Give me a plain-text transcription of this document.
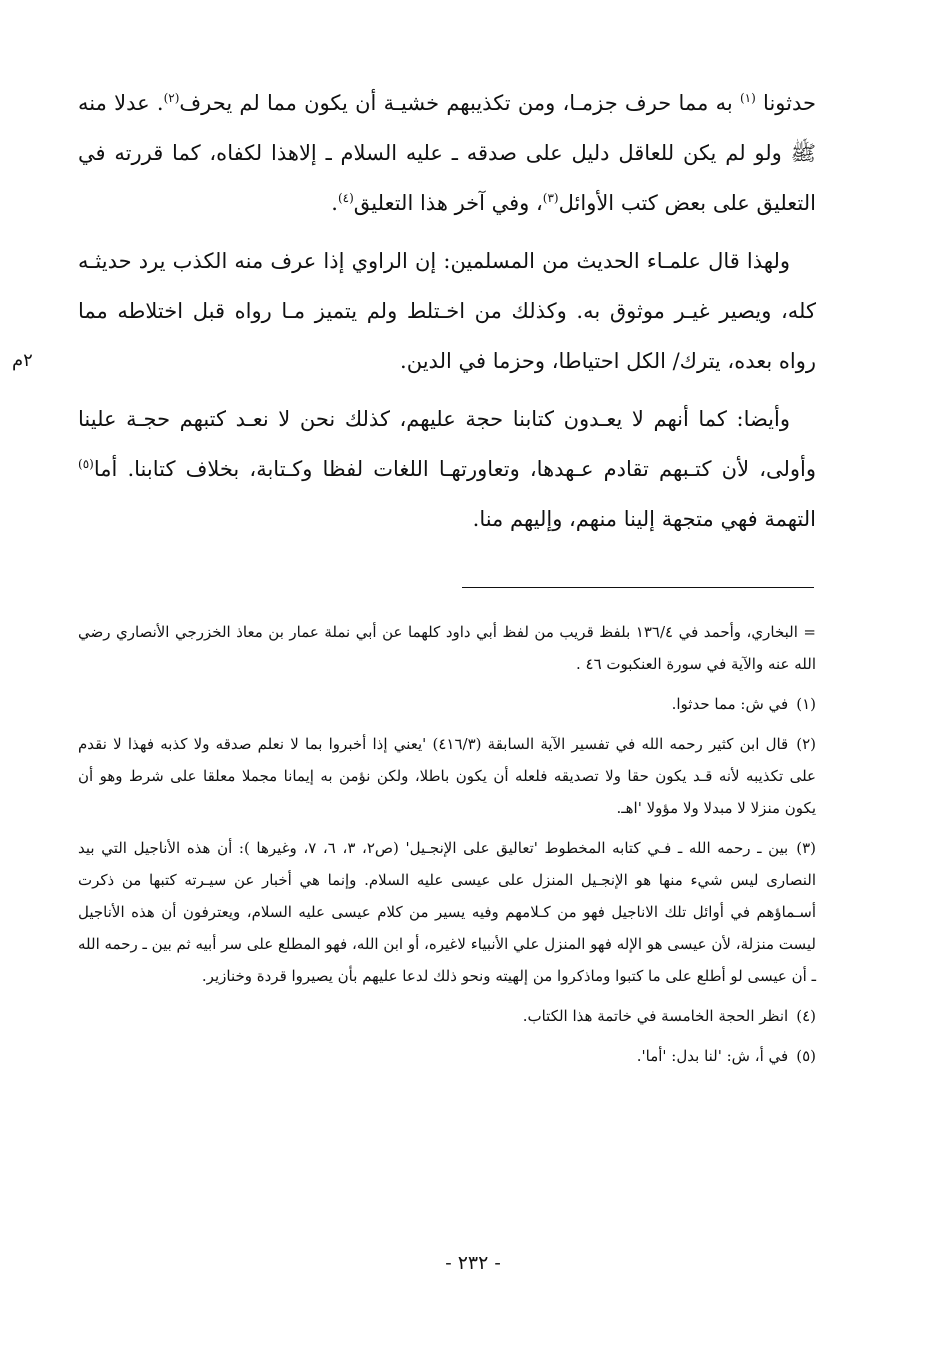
حدثونا $^{(١)}$ به مما حرف جزمـا، ومن تكذيبهم خشيـة أن يكون مما لم يحرف$^{(٢)}$. عدلا منه ﷺ ولو لم يكن للعاقل دليل على صدقه ـ عليه السلام ـ إلاهذا لكفاه، كما قررته في التعليق على بعض كتب الأوائل$^{(٣)}$، وفي آخر هذا التعليق$^{(٤)}$.

ولهذا قال علمـاء الحديث من المسلمين: إن الراوي إذا عرف منه الكذب يرد حديثـه كله، ويصير غيـر موثوق به. وكذلك من اخـتلط ولم يتميز مـا رواه قبل اختلاطه مما رواه بعده، يترك/ الكل احتياطا، وحزما في الدين.

وأيضا: كما أنهم لا يعـدون كتابنا حجة عليهم، كذلك نحن لا نعـد كتبهم حجـة علينا وأولى، لأن كتـبهم تقادم عـهدها، وتعاورتهـا اللغات لفظا وكـتابة، بخلاف كتابنا. أما$^{(٥)}$ التهمة فهي متجهة إلينا منهم، وإليهم منا.

٢م
= البخاري، وأحمد في ١٣٦/٤ بلفظ قريب من لفظ أبي داود كلهما عن أبي نملة عمار بن معاذ الخزرجي الأنصاري رضي الله عنه والآية في سورة العنكبوت ٤٦ .
(١)في ش: مما حدثوا.
(٢)قال ابن كثير رحمه الله في تفسير الآية السابقة (٤١٦/٣) 'يعني إذا أخبروا بما لا نعلم صدقه ولا كذبه فهذا لا نقدم على تكذيبه لأنه قـد يكون حقا ولا تصديقه فلعله أن يكون باطلا، ولكن نؤمن به إيمانا مجملا معلقا على شرط وهو أن يكون منزلا لا مبدلا ولا مؤولا 'اهـ.
(٣)بين ـ رحمه الله ـ فـي كتابه المخطوط 'تعاليق على الإنجـيل' (ص٢، ٣، ٦، ٧، وغيرها ): أن هذه الأناجيل التي بيد النصارى ليس شيء منها هو الإنجـيل المنزل على عيسى عليه السلام. وإنما هي أخبار عن سيـرته كتبها من ذكرت أسـماؤهم في أوائل تلك الاناجيل فهو من كـلامهم وفيه يسير من كلام عيسى عليه السلام، ويعترفون أن هذه الأناجيل ليست منزلة، لأن عيسى هو الإله فهو المنزل علي الأنبياء لاغيره، أو ابن الله، فهو المطلع على سر أبيه ثم بين ـ رحمه الله ـ أن عيسى لو أطلع على ما كتبوا وماذكروا من إلهيته ونحو ذلك لدعا عليهم بأن يصيروا قردة وخنازير.
(٤)انظر الحجة الخامسة في خاتمة هذا الكتاب.
(٥)في أ، ش: 'لنا بدل: 'أما'.
- ٢٣٢ -
